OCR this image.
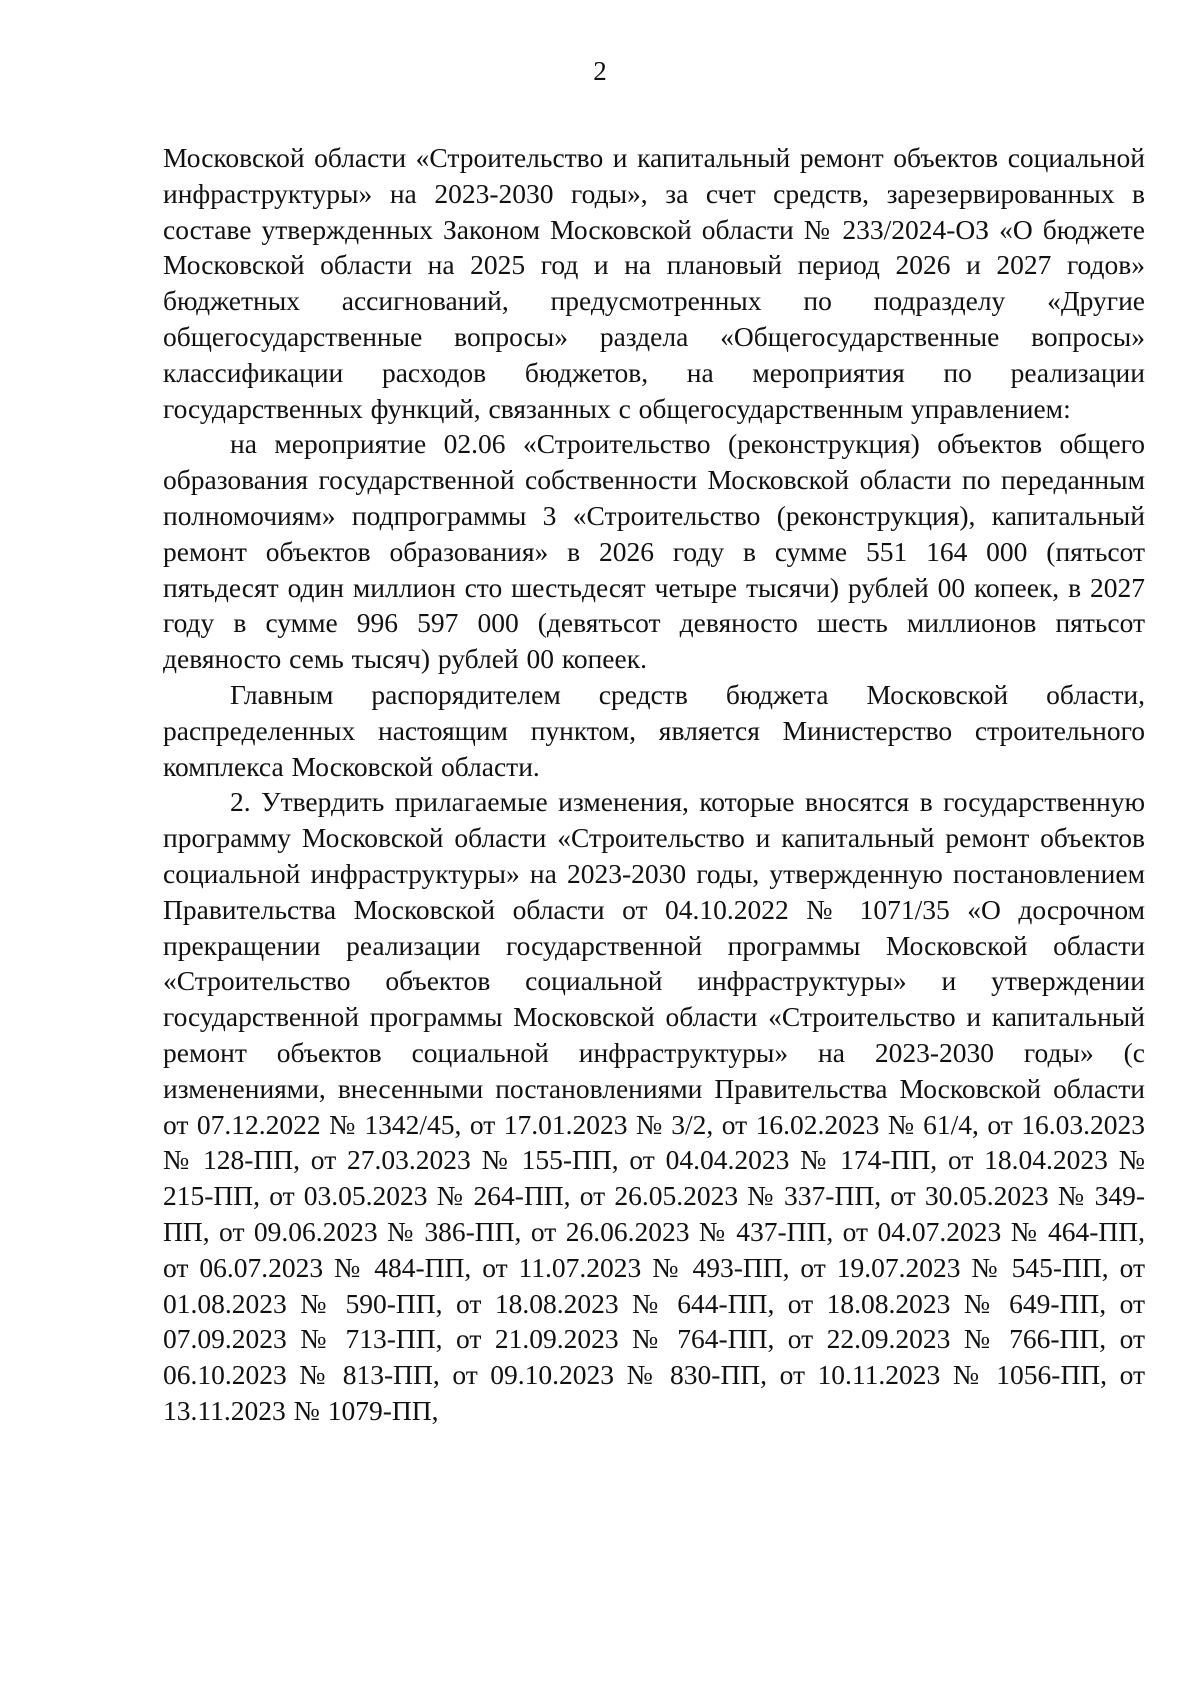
2

Московской области «Строительство и капитальный ремонт объектов социальной инфраструктуры» на 2023-2030 годы», за счет средств, зарезервированных в составе утвержденных Законом Московской области № 233/2024-ОЗ «О бюджете Московской области на 2025 год и на плановый период 2026 и 2027 годов» бюджетных ассигнований, предусмотренных по подразделу «Другие общегосударственные вопросы» раздела «Общегосударственные вопросы» классификации расходов бюджетов, на мероприятия по реализации государственных функций, связанных с общегосударственным управлением:

на мероприятие 02.06 «Строительство (реконструкция) объектов общего образования государственной собственности Московской области по переданным полномочиям» подпрограммы 3 «Строительство (реконструкция), капитальный ремонт объектов образования» в 2026 году в сумме 551 164 000 (пятьсот пятьдесят один миллион сто шестьдесят четыре тысячи) рублей 00 копеек, в 2027 году в сумме 996 597 000 (девятьсот девяносто шесть миллионов пятьсот девяносто семь тысяч) рублей 00 копеек.

Главным распорядителем средств бюджета Московской области, распределенных настоящим пунктом, является Министерство строительного комплекса Московской области.

2. Утвердить прилагаемые изменения, которые вносятся в государственную программу Московской области «Строительство и капитальный ремонт объектов социальной инфраструктуры» на 2023-2030 годы, утвержденную постановлением Правительства Московской области от 04.10.2022 № 1071/35 «О досрочном прекращении реализации государственной программы Московской области «Строительство объектов социальной инфраструктуры» и утверждении государственной программы Московской области «Строительство и капитальный ремонт объектов социальной инфраструктуры» на 2023-2030 годы» (с изменениями, внесенными постановлениями Правительства Московской области от 07.12.2022 № 1342/45, от 17.01.2023 № 3/2, от 16.02.2023 № 61/4, от 16.03.2023 № 128-ПП, от 27.03.2023 № 155-ПП, от 04.04.2023 № 174-ПП, от 18.04.2023 № 215-ПП, от 03.05.2023 № 264-ПП, от 26.05.2023 № 337-ПП, от 30.05.2023 № 349-ПП, от 09.06.2023 № 386-ПП, от 26.06.2023 № 437-ПП, от 04.07.2023 № 464-ПП, от 06.07.2023 № 484-ПП, от 11.07.2023 № 493-ПП, от 19.07.2023 № 545-ПП, от 01.08.2023 № 590-ПП, от 18.08.2023 № 644-ПП, от 18.08.2023 № 649-ПП, от 07.09.2023 № 713-ПП, от 21.09.2023 № 764-ПП, от 22.09.2023 № 766-ПП, от 06.10.2023 № 813-ПП, от 09.10.2023 № 830-ПП, от 10.11.2023 № 1056-ПП, от 13.11.2023 № 1079-ПП,
